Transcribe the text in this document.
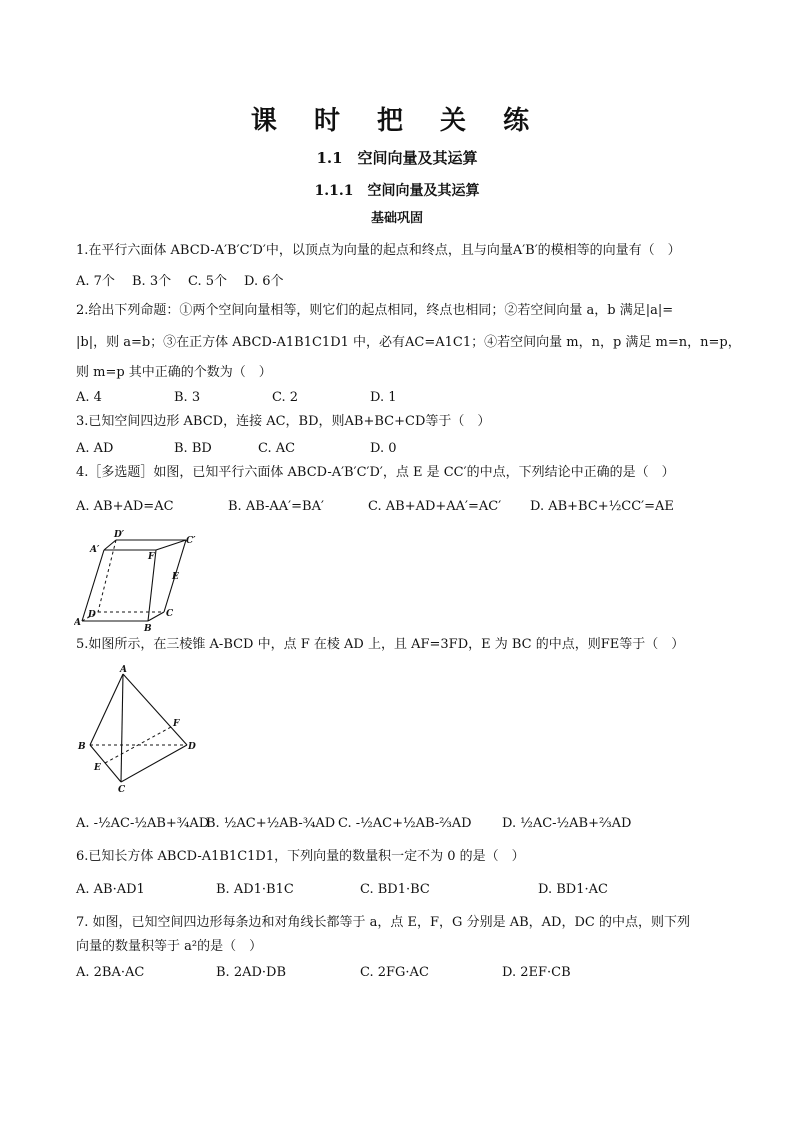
课 时 把 关 练
1.1　空间向量及其运算
1.1.1　空间向量及其运算
基础巩固
1.在平行六面体 ABCD-A′B′C′D′中，以顶点为向量的起点和终点，且与向量A′B′的模相等的向量有（　）
A. 7个 B. 3个 C. 5个 D. 6个
2.给出下列命题：①两个空间向量相等，则它们的起点相同，终点也相同；②若空间向量 a，b 满足|a|=
|b|，则 a=b；③在正方体 ABCD-A1B1C1D1 中，必有AC=A1C1；④若空间向量 m，n，p 满足 m=n，n=p，
则 m=p 其中正确的个数为（　）
A. 4	B. 3	C. 2	D. 1
3.已知空间四边形 ABCD，连接 AC，BD，则AB+BC+CD等于（　）
A. AD	B. BD	C. AC	D. 0
4.［多选题］如图，已知平行六面体 ABCD-A′B′C′D′，点 E 是 CC′的中点，下列结论中正确的是（　）
A. AB+AD=AC	B. AB-AA′=BA′	C. AB+AD+AA′=AC′ D. AB+BC+½CC′=AE
A′
D′
F
C′
E
A
D
B
C
5.如图所示，在三棱锥 A-BCD 中，点 F 在棱 AD 上，且 AF=3FD，E 为 BC 的中点，则FE等于（　）
A
F
B	D
E
C
A. -½AC-½AB+¾AD
B. ½AC+½AB-¾AD C. -½AC+½AB-⅔AD D. ½AC-½AB+⅔AD
6.已知长方体 ABCD-A1B1C1D1，下列向量的数量积一定不为 0 的是（　）
A. AB·AD1	B. AD1·B1C	C. BD1·BC	D. BD1·AC
7. 如图，已知空间四边形每条边和对角线长都等于 a，点 E，F，G 分别是 AB，AD，DC 的中点，则下列
向量的数量积等于 a²的是（　）
A. 2BA·AC	B. 2AD·DB	C. 2FG·AC	D. 2EF·CB
